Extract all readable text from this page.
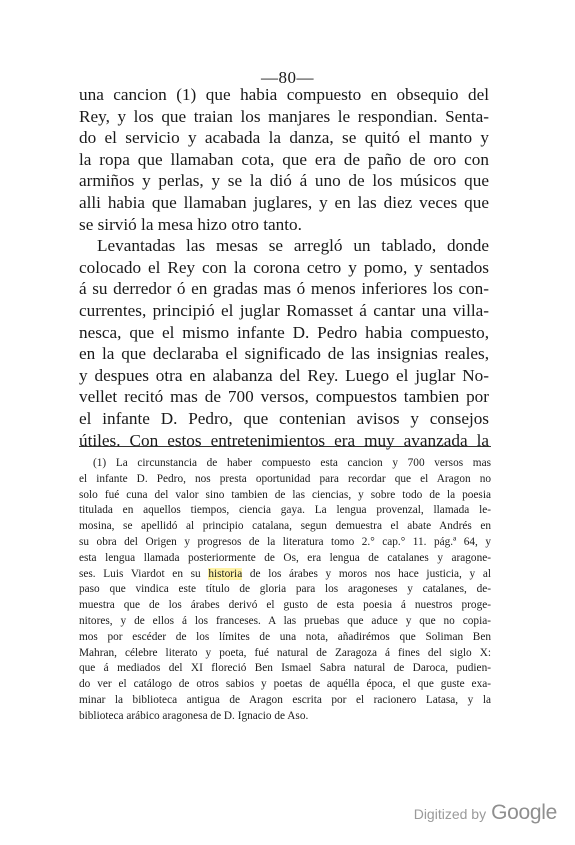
—80—
una cancion (1) que habia compuesto en obsequio del
Rey, y los que traian los manjares le respondian. Senta-
do el servicio y acabada la danza, se quitó el manto y
la ropa que llamaban cota, que era de paño de oro con
armiños y perlas, y se la dió á uno de los músicos que
alli habia que llamaban juglares, y en las diez veces que
se sirvió la mesa hizo otro tanto.
Levantadas las mesas se arregló un tablado, donde
colocado el Rey con la corona cetro y pomo, y sentados
á su derredor ó en gradas mas ó menos inferiores los con-
currentes, principió el juglar Romasset á cantar una villa-
nesca, que el mismo infante D. Pedro habia compuesto,
en la que declaraba el significado de las insignias reales,
y despues otra en alabanza del Rey. Luego el juglar No-
vellet recitó mas de 700 versos, compuestos tambien por
el infante D. Pedro, que contenian avisos y consejos
útiles. Con estos entretenimientos era muy avanzada la
(1) La circunstancia de haber compuesto esta cancion y 700 versos mas
el infante D. Pedro, nos presta oportunidad para recordar que el Aragon no
solo fué cuna del valor sino tambien de las ciencias, y sobre todo de la poesia
titulada en aquellos tiempos, ciencia gaya. La lengua provenzal, llamada le-
mosina, se apellidó al principio catalana, segun demuestra el abate Andrés en
su obra del Origen y progresos de la literatura tomo 2.° cap.° 11. pág.ª 64, y
esta lengua llamada posteriormente de Os, era lengua de catalanes y aragone-
ses. Luis Viardot en su historia de los árabes y moros nos hace justicia, y al
paso que vindica este título de gloria para los aragoneses y catalanes, de-
muestra que de los árabes derivó el gusto de esta poesia á nuestros proge-
nitores, y de ellos á los franceses. A las pruebas que aduce y que no copia-
mos por escéder de los límites de una nota, añadirémos que Soliman Ben
Mahran, célebre literato y poeta, fué natural de Zaragoza á fines del siglo X:
que á mediados del XI floreció Ben Ismael Sabra natural de Daroca, pudien-
do ver el catálogo de otros sabios y poetas de aquélla época, el que guste exa-
minar la biblioteca antigua de Aragon escrita por el racionero Latasa, y la
biblioteca arábico aragonesa de D. Ignacio de Aso.
Digitized by Google
